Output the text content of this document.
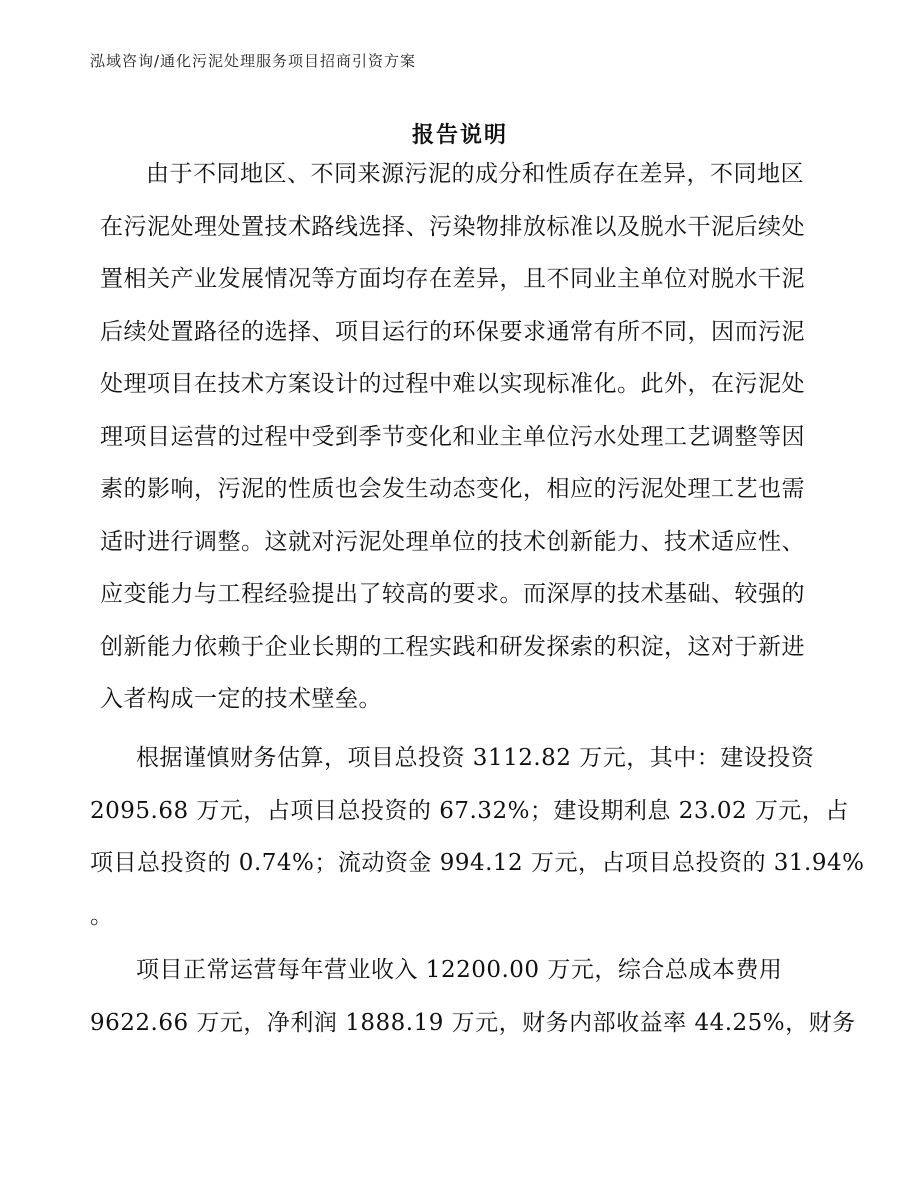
泓域咨询/通化污泥处理服务项目招商引资方案
报告说明
由于不同地区、不同来源污泥的成分和性质存在差异，不同地区
在污泥处理处置技术路线选择、污染物排放标准以及脱水干泥后续处
置相关产业发展情况等方面均存在差异，且不同业主单位对脱水干泥
后续处置路径的选择、项目运行的环保要求通常有所不同，因而污泥
处理项目在技术方案设计的过程中难以实现标准化。此外，在污泥处
理项目运营的过程中受到季节变化和业主单位污水处理工艺调整等因
素的影响，污泥的性质也会发生动态变化，相应的污泥处理工艺也需
适时进行调整。这就对污泥处理单位的技术创新能力、技术适应性、
应变能力与工程经验提出了较高的要求。而深厚的技术基础、较强的
创新能力依赖于企业长期的工程实践和研发探索的积淀，这对于新进
入者构成一定的技术壁垒。
根据谨慎财务估算，项目总投资 3112.82 万元，其中：建设投资
2095.68 万元，占项目总投资的 67.32%；建设期利息 23.02 万元，占
项目总投资的 0.74%；流动资金 994.12 万元，占项目总投资的 31.94%
。
项目正常运营每年营业收入 12200.00 万元，综合总成本费用
9622.66 万元，净利润 1888.19 万元，财务内部收益率 44.25%，财务
